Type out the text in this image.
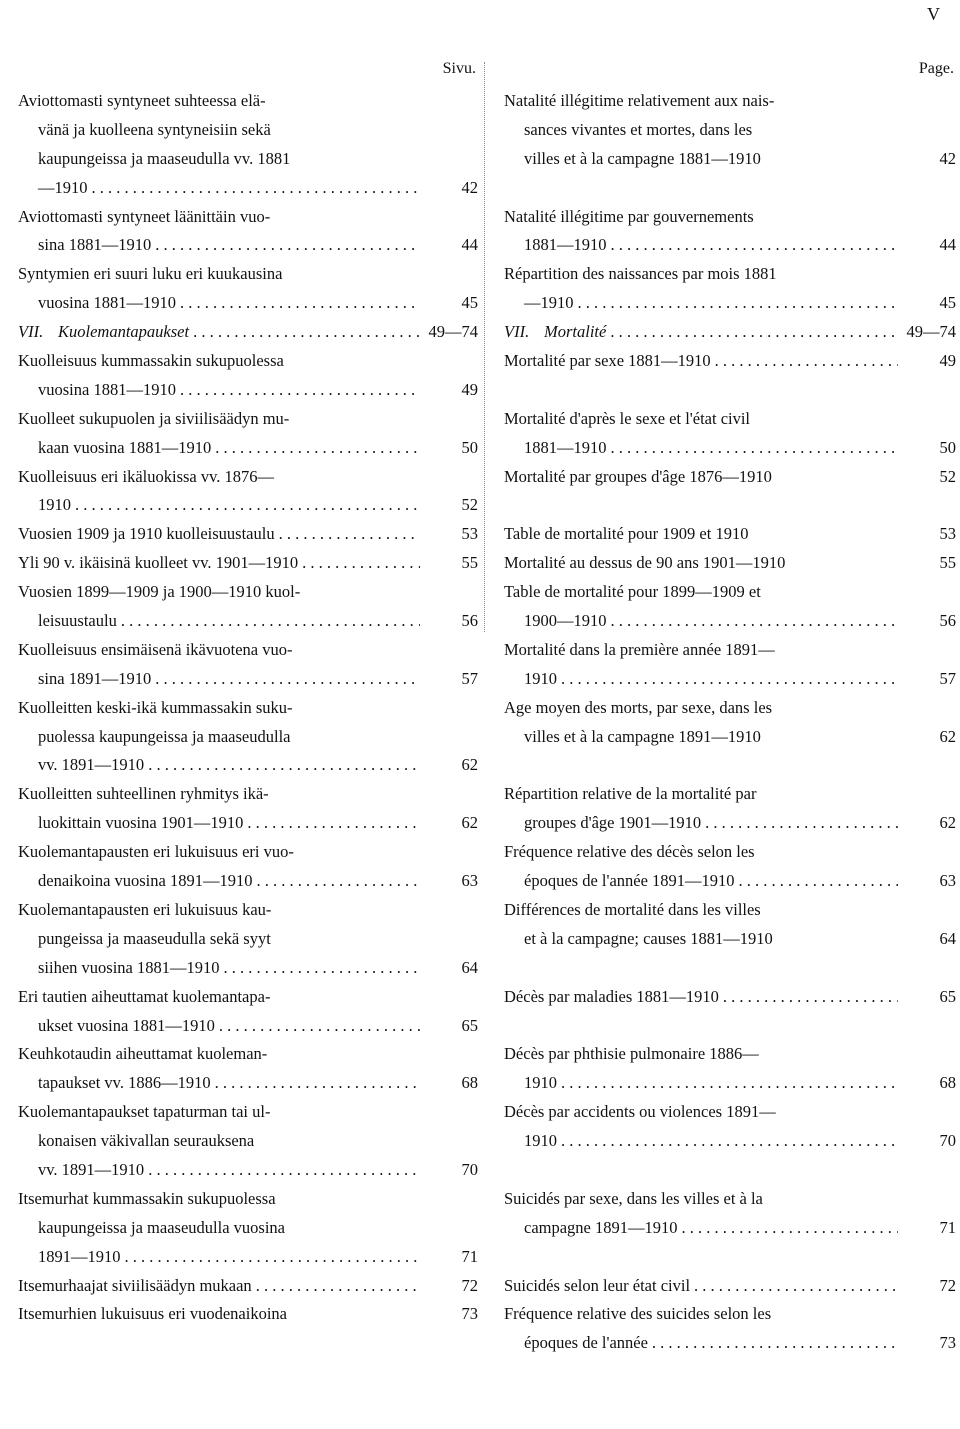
V
Sivu.
Aviottomasti syntyneet suhteessa elä-
vänä ja kuolleena syntyneisiin sekä
kaupungeissa ja maaseudulla vv. 1881
—1910 . . .	42
Aviottomasti syntyneet läänittäin vuo-
sina 1881—1910 . . .	44
Syntymien eri suuri luku eri kuukausina
vuosina 1881—1910 . . .	45
VII. Kuolemantapaukset . . .	49—74
Kuolleisuus kummassakin sukupuolessa
vuosina 1881—1910 . . .	49
Kuolleet sukupuolen ja siviilisäädyn mu-
kaan vuosina 1881—1910 . . .	50
Kuolleisuus eri ikäluokissa vv. 1876—
1910 . . .	52
Vuosien 1909 ja 1910 kuolleisuustaulu . . .	53
Yli 90 v. ikäisinä kuolleet vv. 1901—1910 . . .	55
Vuosien 1899—1909 ja 1900—1910 kuol-
leisuustaulu . . .	56
Kuolleisuus ensimäisenä ikävuotena vuo-
sina 1891—1910 . . .	57
Kuolleitten keski-ikä kummassakin suku-
puolessa kaupungeissa ja maaseudulla
vv. 1891—1910 . . .	62
Kuolleitten suhteellinen ryhmitys ikä-
luokittain vuosina 1901—1910 . . .	62
Kuolemantapausten eri lukuisuus eri vuo-
denaikoina vuosina 1891—1910 . . .	63
Kuolemantapausten eri lukuisuus kau-
pungeissa ja maaseudulla sekä syyt
siihen vuosina 1881—1910 . . .	64
Eri tautien aiheuttamat kuolemantapa-
ukset vuosina 1881—1910 . . .	65
Keuhkotaudin aiheuttamat kuoleman-
tapaukset vv. 1886—1910 . . .	68
Kuolemantapaukset tapaturman tai ul-
konaisen väkivallan seurauksena
vv. 1891—1910 . . .	70
Itsemurhat kummassakin sukupuolessa
kaupungeissa ja maaseudulla vuosina
1891—1910 . . .	71
Itsemurhaajat siviilisäädyn mukaan . . .	72
Itsemurhien lukuisuus eri vuodenaikoina	73
Page.
Natalité illégitime relativement aux nais-
sances vivantes et mortes, dans les
villes et à la campagne 1881—1910	42
Natalité illégitime par gouvernements
1881—1910 . . .	44
Répartition des naissances par mois 1881
—1910 . . .	45
VII. Mortalité . . .	49—74
Mortalité par sexe 1881—1910 . . .	49
Mortalité d'après le sexe et l'état civil
1881—1910 . . .	50
Mortalité par groupes d'âge 1876—1910	52
Table de mortalité pour 1909 et 1910	53
Mortalité au dessus de 90 ans 1901—1910	55
Table de mortalité pour 1899—1909 et
1900—1910 . . .	56
Mortalité dans la première année 1891—
1910 . . .	57
Age moyen des morts, par sexe, dans les
villes et à la campagne 1891—1910	62
Répartition relative de la mortalité par
groupes d'âge 1901—1910 . . .	62
Fréquence relative des décès selon les
époques de l'année 1891—1910 . . .	63
Différences de mortalité dans les villes
et à la campagne; causes 1881—1910	64
Décès par maladies 1881—1910 . . .	65
Décès par phthisie pulmonaire 1886—
1910 . . .	68
Décès par accidents ou violences 1891—
1910 . . .	70
Suicidés par sexe, dans les villes et à la
campagne 1891—1910 . . .	71
Suicidés selon leur état civil . . .	72
Fréquence relative des suicides selon les
époques de l'année . . .	73
